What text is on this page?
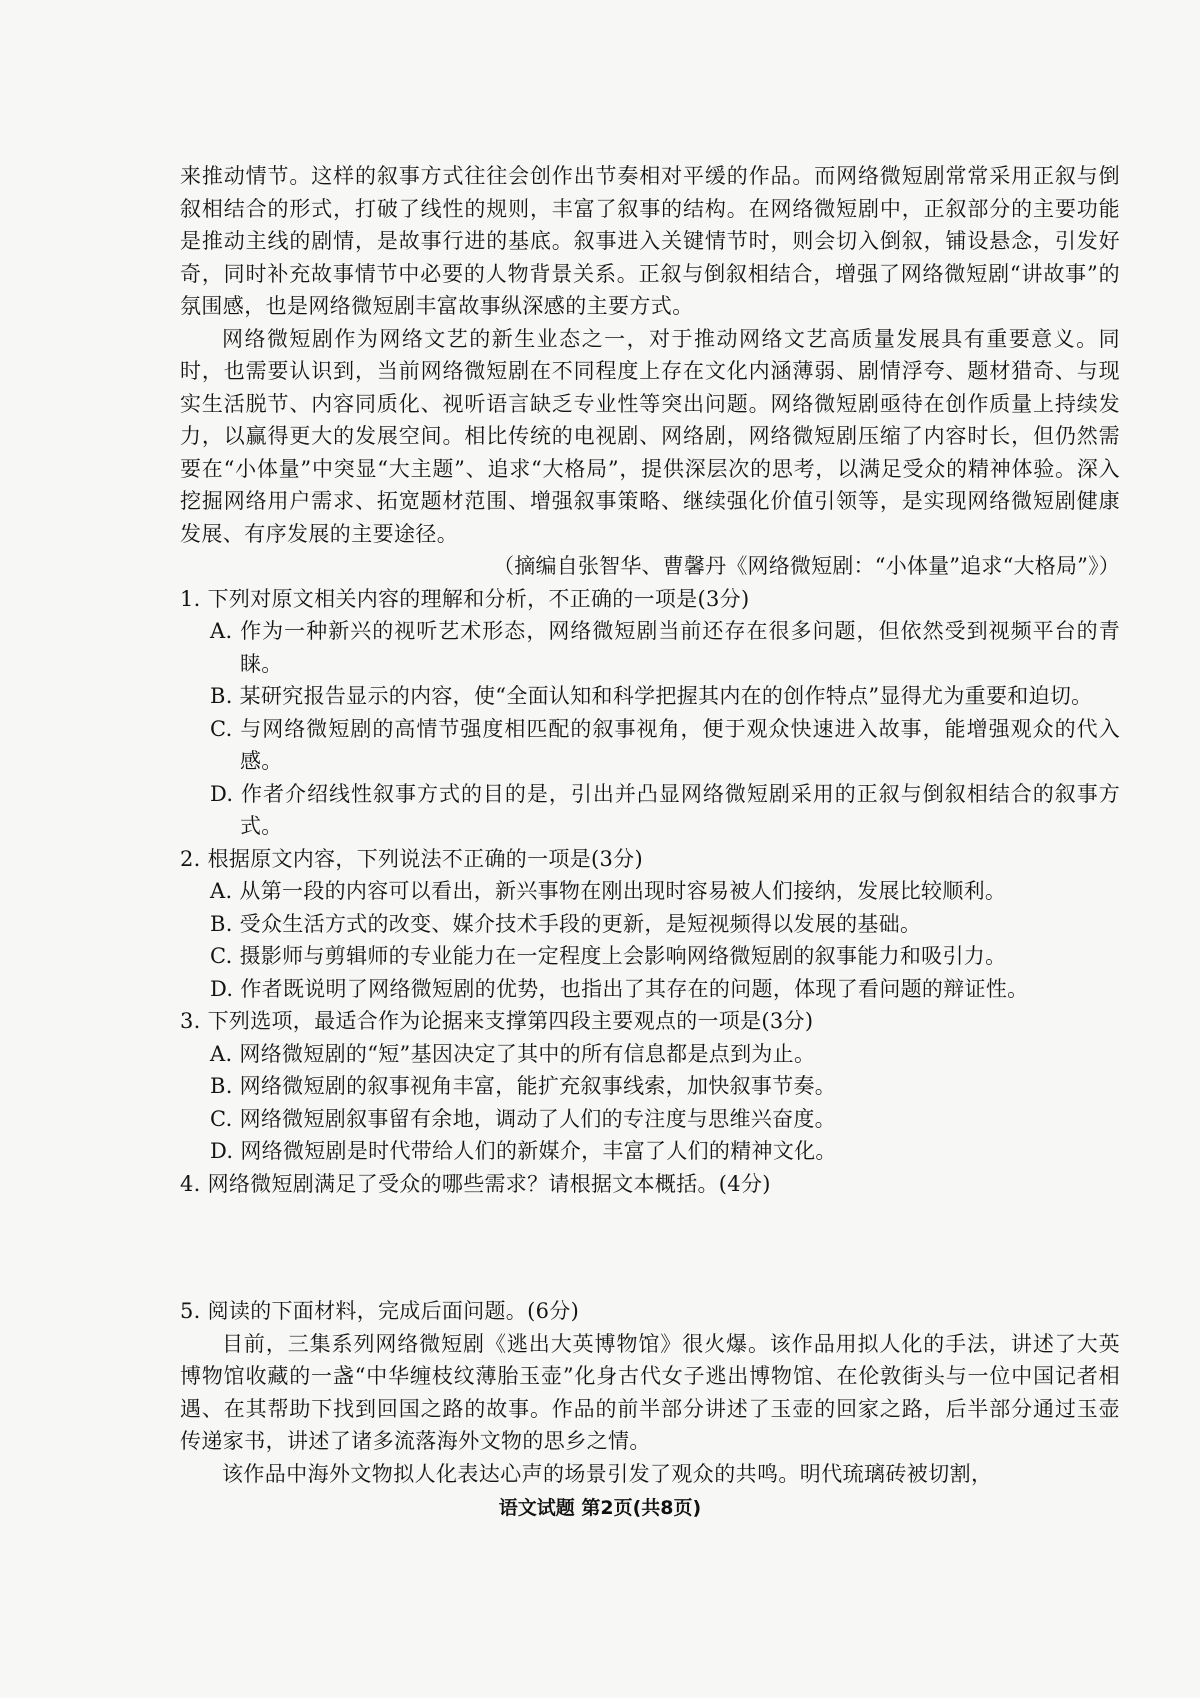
来推动情节。这样的叙事方式往往会创作出节奏相对平缓的作品。而网络微短剧常常采用正叙与倒叙相结合的形式，打破了线性的规则，丰富了叙事的结构。在网络微短剧中，正叙部分的主要功能是推动主线的剧情，是故事行进的基底。叙事进入关键情节时，则会切入倒叙，铺设悬念，引发好奇，同时补充故事情节中必要的人物背景关系。正叙与倒叙相结合，增强了网络微短剧“讲故事”的氛围感，也是网络微短剧丰富故事纵深感的主要方式。

网络微短剧作为网络文艺的新生业态之一，对于推动网络文艺高质量发展具有重要意义。同时，也需要认识到，当前网络微短剧在不同程度上存在文化内涵薄弱、剧情浮夸、题材猎奇、与现实生活脱节、内容同质化、视听语言缺乏专业性等突出问题。网络微短剧亟待在创作质量上持续发力，以赢得更大的发展空间。相比传统的电视剧、网络剧，网络微短剧压缩了内容时长，但仍然需要在“小体量”中突显“大主题”、追求“大格局”，提供深层次的思考，以满足受众的精神体验。深入挖掘网络用户需求、拓宽题材范围、增强叙事策略、继续强化价值引领等，是实现网络微短剧健康发展、有序发展的主要途径。

（摘编自张智华、曹馨丹《网络微短剧：“小体量”追求“大格局”》）

1. 下列对原文相关内容的理解和分析，不正确的一项是(3分)

A. 作为一种新兴的视听艺术形态，网络微短剧当前还存在很多问题，但依然受到视频平台的青睐。
B. 某研究报告显示的内容，使“全面认知和科学把握其内在的创作特点”显得尤为重要和迫切。
C. 与网络微短剧的高情节强度相匹配的叙事视角，便于观众快速进入故事，能增强观众的代入感。
D. 作者介绍线性叙事方式的目的是，引出并凸显网络微短剧采用的正叙与倒叙相结合的叙事方式。

2. 根据原文内容，下列说法不正确的一项是(3分)

A. 从第一段的内容可以看出，新兴事物在刚出现时容易被人们接纳，发展比较顺利。
B. 受众生活方式的改变、媒介技术手段的更新，是短视频得以发展的基础。
C. 摄影师与剪辑师的专业能力在一定程度上会影响网络微短剧的叙事能力和吸引力。
D. 作者既说明了网络微短剧的优势，也指出了其存在的问题，体现了看问题的辩证性。

3. 下列选项，最适合作为论据来支撑第四段主要观点的一项是(3分)

A. 网络微短剧的“短”基因决定了其中的所有信息都是点到为止。
B. 网络微短剧的叙事视角丰富，能扩充叙事线索，加快叙事节奏。
C. 网络微短剧叙事留有余地，调动了人们的专注度与思维兴奋度。
D. 网络微短剧是时代带给人们的新媒介，丰富了人们的精神文化。

4. 网络微短剧满足了受众的哪些需求？请根据文本概括。(4分)

5. 阅读的下面材料，完成后面问题。(6分)

目前，三集系列网络微短剧《逃出大英博物馆》很火爆。该作品用拟人化的手法，讲述了大英博物馆收藏的一盏“中华缠枝纹薄胎玉壶”化身古代女子逃出博物馆、在伦敦街头与一位中国记者相遇、在其帮助下找到回国之路的故事。作品的前半部分讲述了玉壶的回家之路，后半部分通过玉壶传递家书，讲述了诸多流落海外文物的思乡之情。

该作品中海外文物拟人化表达心声的场景引发了观众的共鸣。明代琉璃砖被切割，

语文试题 第2页(共8页)
